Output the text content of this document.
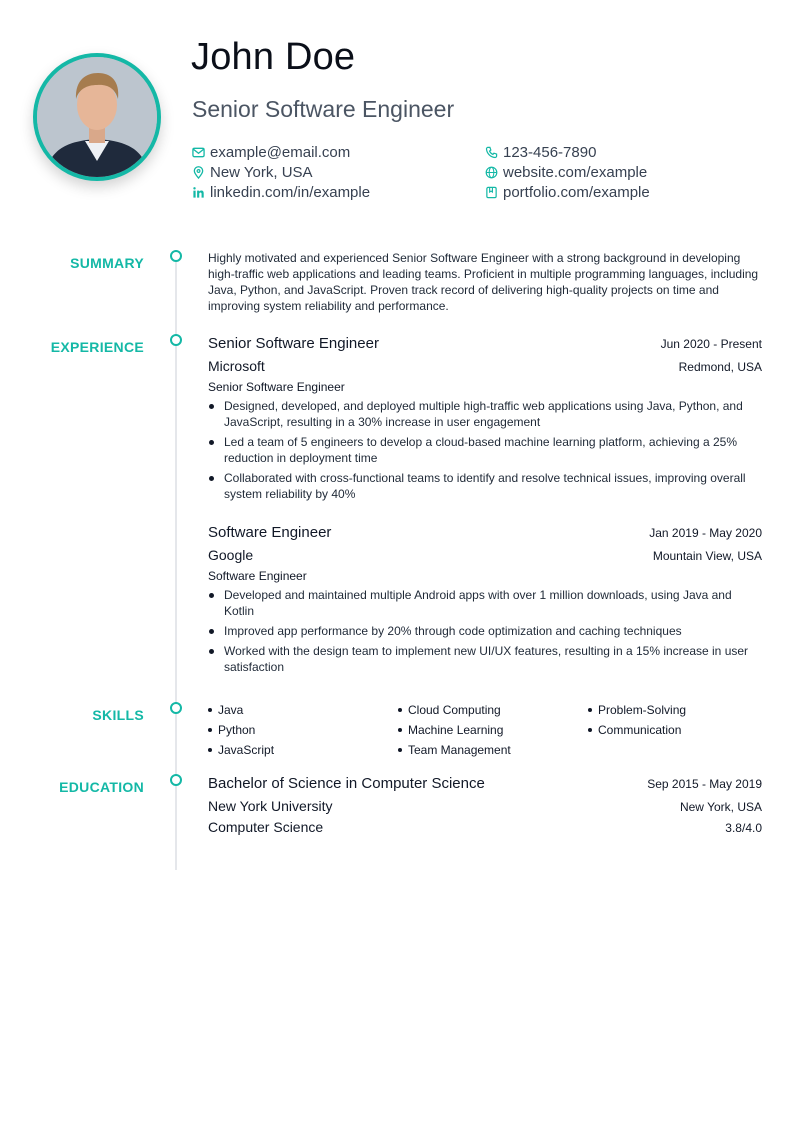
John Doe
Senior Software Engineer
example@email.com
New York, USA
linkedin.com/in/example
123-456-7890
website.com/example
portfolio.com/example
SUMMARY	Highly motivated and experienced Senior Software Engineer with a strong background in developing high-traffic web applications and leading teams. Proficient in multiple programming languages, including Java, Python, and JavaScript. Proven track record of delivering high-quality projects on time and improving system reliability and performance.
EXPERIENCE	Senior Software Engineer	Jun 2020 - Present
Microsoft	Redmond, USA
Senior Software Engineer
Designed, developed, and deployed multiple high-traffic web applications using Java, Python, and JavaScript, resulting in a 30% increase in user engagement
Led a team of 5 engineers to develop a cloud-based machine learning platform, achieving a 25% reduction in deployment time
Collaborated with cross-functional teams to identify and resolve technical issues, improving overall system reliability by 40%
Software Engineer	Jan 2019 - May 2020
Google	Mountain View, USA
Software Engineer
Developed and maintained multiple Android apps with over 1 million downloads, using Java and Kotlin
Improved app performance by 20% through code optimization and caching techniques
Worked with the design team to implement new UI/UX features, resulting in a 15% increase in user satisfaction
SKILLS	Java	Cloud Computing	Problem-Solving
Python	Machine Learning	Communication
JavaScript	Team Management
EDUCATION	Bachelor of Science in Computer Science	Sep 2015 - May 2019
New York University	New York, USA
Computer Science	3.8/4.0
